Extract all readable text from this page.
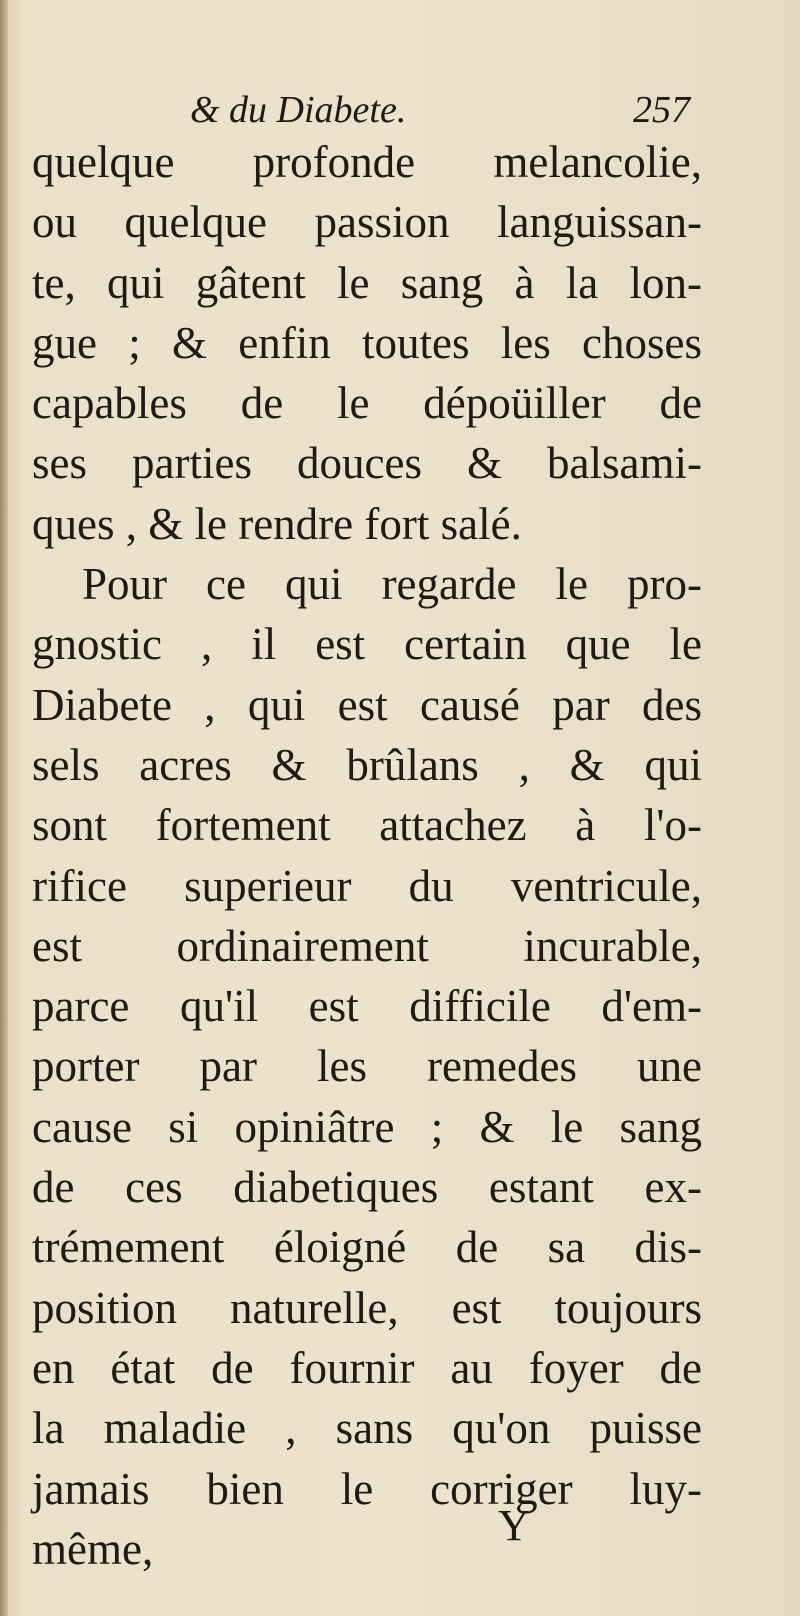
& du Diabete.	257
quelque profonde melancolie,
ou quelque passion languissan-
te, qui gâtent le sang à la lon-
gue ; & enfin toutes les choses
capables de le dépoüiller de
ses parties douces & balsami-
ques , & le rendre fort salé.
Pour ce qui regarde le pro-
gnostic , il est certain que le
Diabete , qui est causé par des
sels acres & brûlans , & qui
sont fortement attachez à l'o-
rifice superieur du ventricule,
est ordinairement incurable,
parce qu'il est difficile d'em-
porter par les remedes une
cause si opiniâtre ; & le sang
de ces diabetiques estant ex-
trémement éloigné de sa dis-
position naturelle, est toujours
en état de fournir au foyer de
la maladie , sans qu'on puisse
jamais bien le corriger luy-
même,	Y
